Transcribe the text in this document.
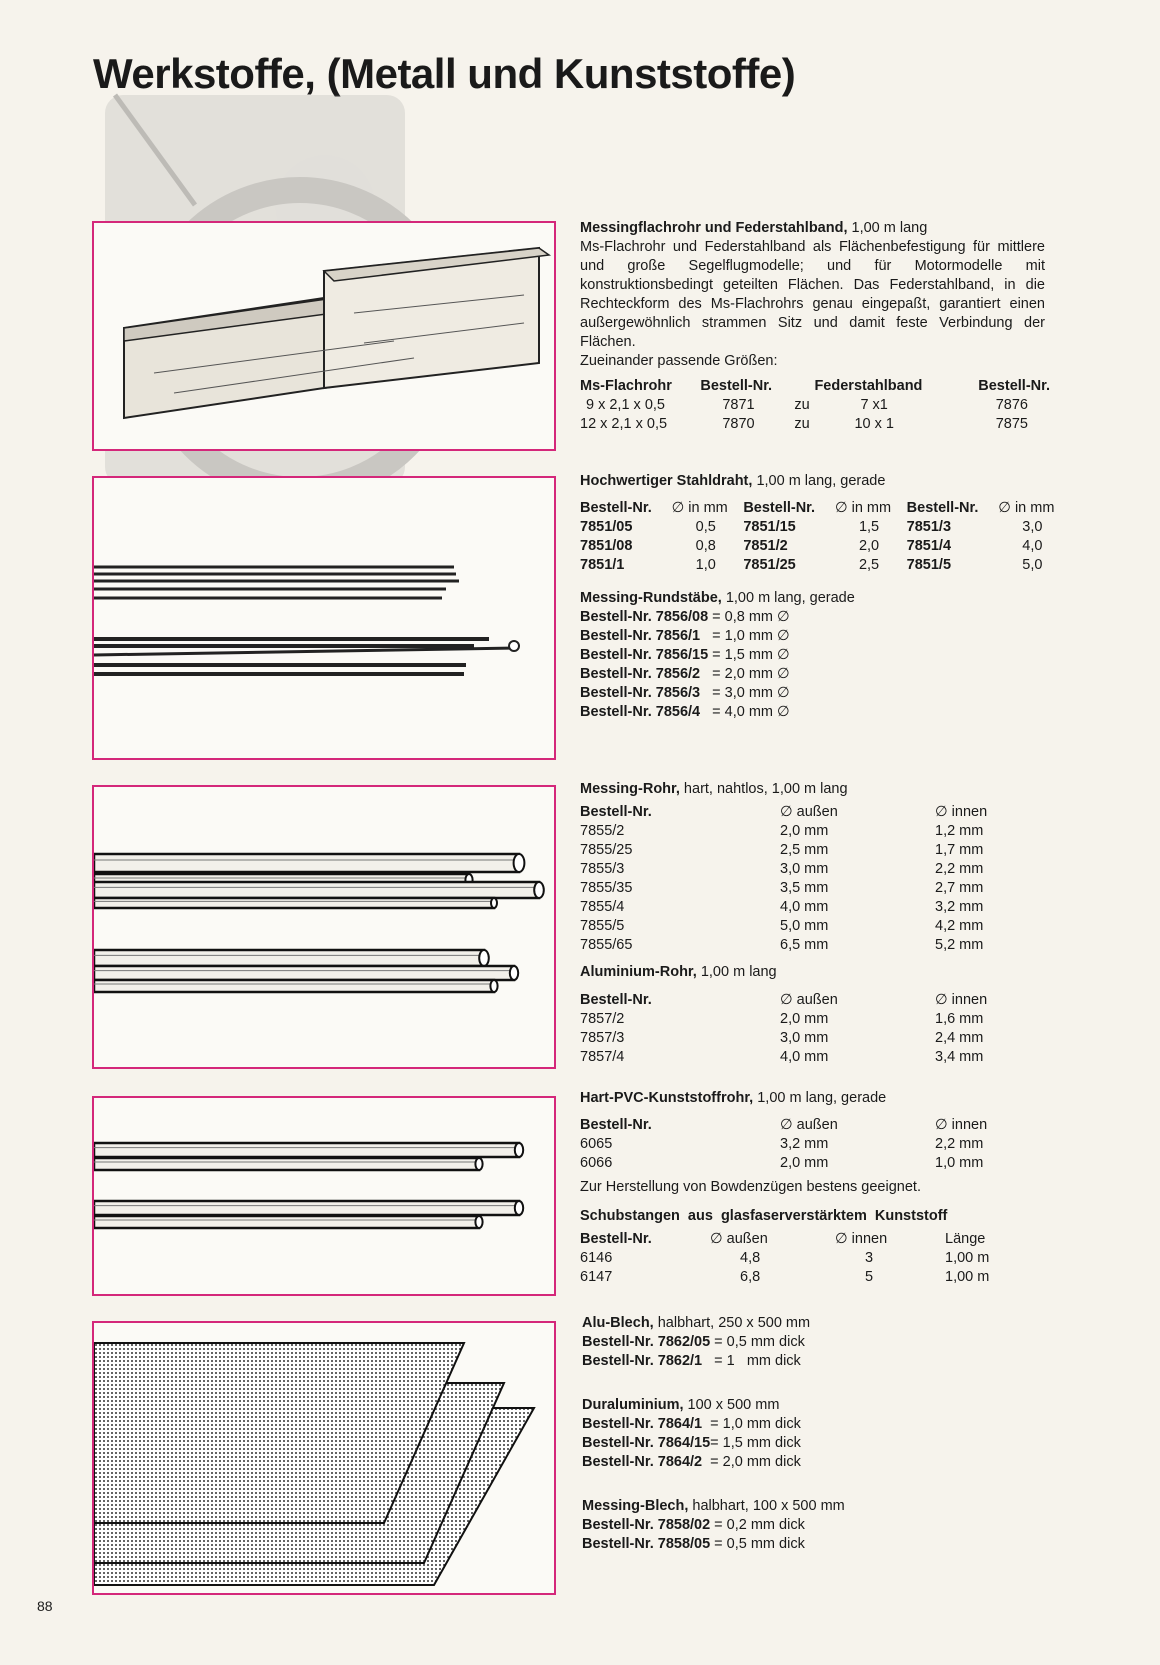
Werkstoffe, (Metall und Kunststoffe)
Messingflachrohr und Federstahlband, 1,00 m lang
Ms-Flachrohr und Federstahlband als Flächenbefestigung für mittlere und große Segelflugmodelle; und für Motormodelle mit konstruktionsbedingt geteilten Flächen. Das Federstahlband, in die Rechteckform des Ms-Flachrohrs genau eingepaßt, garantiert einen außergewöhnlich strammen Sitz und damit feste Verbindung der Flächen.
Zueinander passende Größen:
Ms-Flachrohr	Bestell-Nr.		Federstahlband	Bestell-Nr.
9 x 2,1 x 0,5	7871	zu	7 x1	7876
12 x 2,1 x 0,5	7870	zu	10 x 1	7875
Hochwertiger Stahldraht, 1,00 m lang, gerade
Bestell-Nr.	∅ in mm	Bestell-Nr.	∅ in mm	Bestell-Nr.	∅ in mm
7851/05	0,5	7851/15	1,5	7851/3	3,0
7851/08	0,8	7851/2	2,0	7851/4	4,0
7851/1	1,0	7851/25	2,5	7851/5	5,0
Messing-Rundstäbe, 1,00 m lang, gerade
Bestell-Nr. 7856/08	= 0,8 mm ∅
Bestell-Nr. 7856/1	= 1,0 mm ∅
Bestell-Nr. 7856/15	= 1,5 mm ∅
Bestell-Nr. 7856/2	= 2,0 mm ∅
Bestell-Nr. 7856/3	= 3,0 mm ∅
Bestell-Nr. 7856/4	= 4,0 mm ∅
Messing-Rohr, hart, nahtlos, 1,00 m lang
Bestell-Nr.	∅ außen	∅ innen
7855/2	2,0 mm	1,2 mm
7855/25	2,5 mm	1,7 mm
7855/3	3,0 mm	2,2 mm
7855/35	3,5 mm	2,7 mm
7855/4	4,0 mm	3,2 mm
7855/5	5,0 mm	4,2 mm
7855/65	6,5 mm	5,2 mm
Aluminium-Rohr, 1,00 m lang
Bestell-Nr.	∅ außen	∅ innen
7857/2	2,0 mm	1,6 mm
7857/3	3,0 mm	2,4 mm
7857/4	4,0 mm	3,4 mm
Hart-PVC-Kunststoffrohr, 1,00 m lang, gerade
Bestell-Nr.	∅ außen	∅ innen
6065	3,2 mm	2,2 mm
6066	2,0 mm	1,0 mm
Zur Herstellung von Bowdenzügen bestens geeignet.
Schubstangen aus glasfaserverstärktem Kunststoff
Bestell-Nr.	∅ außen	∅ innen	Länge
6146	4,8	3	1,00 m
6147	6,8	5	1,00 m
Alu-Blech, halbhart, 250 x 500 mm
Bestell-Nr. 7862/05	= 0,5 mm dick
Bestell-Nr. 7862/1	= 1   mm dick
Duraluminium, 100 x 500 mm
Bestell-Nr. 7864/1	= 1,0 mm dick
Bestell-Nr. 7864/15	= 1,5 mm dick
Bestell-Nr. 7864/2	= 2,0 mm dick
Messing-Blech, halbhart, 100 x 500 mm
Bestell-Nr. 7858/02	= 0,2 mm dick
Bestell-Nr. 7858/05	= 0,5 mm dick
88
